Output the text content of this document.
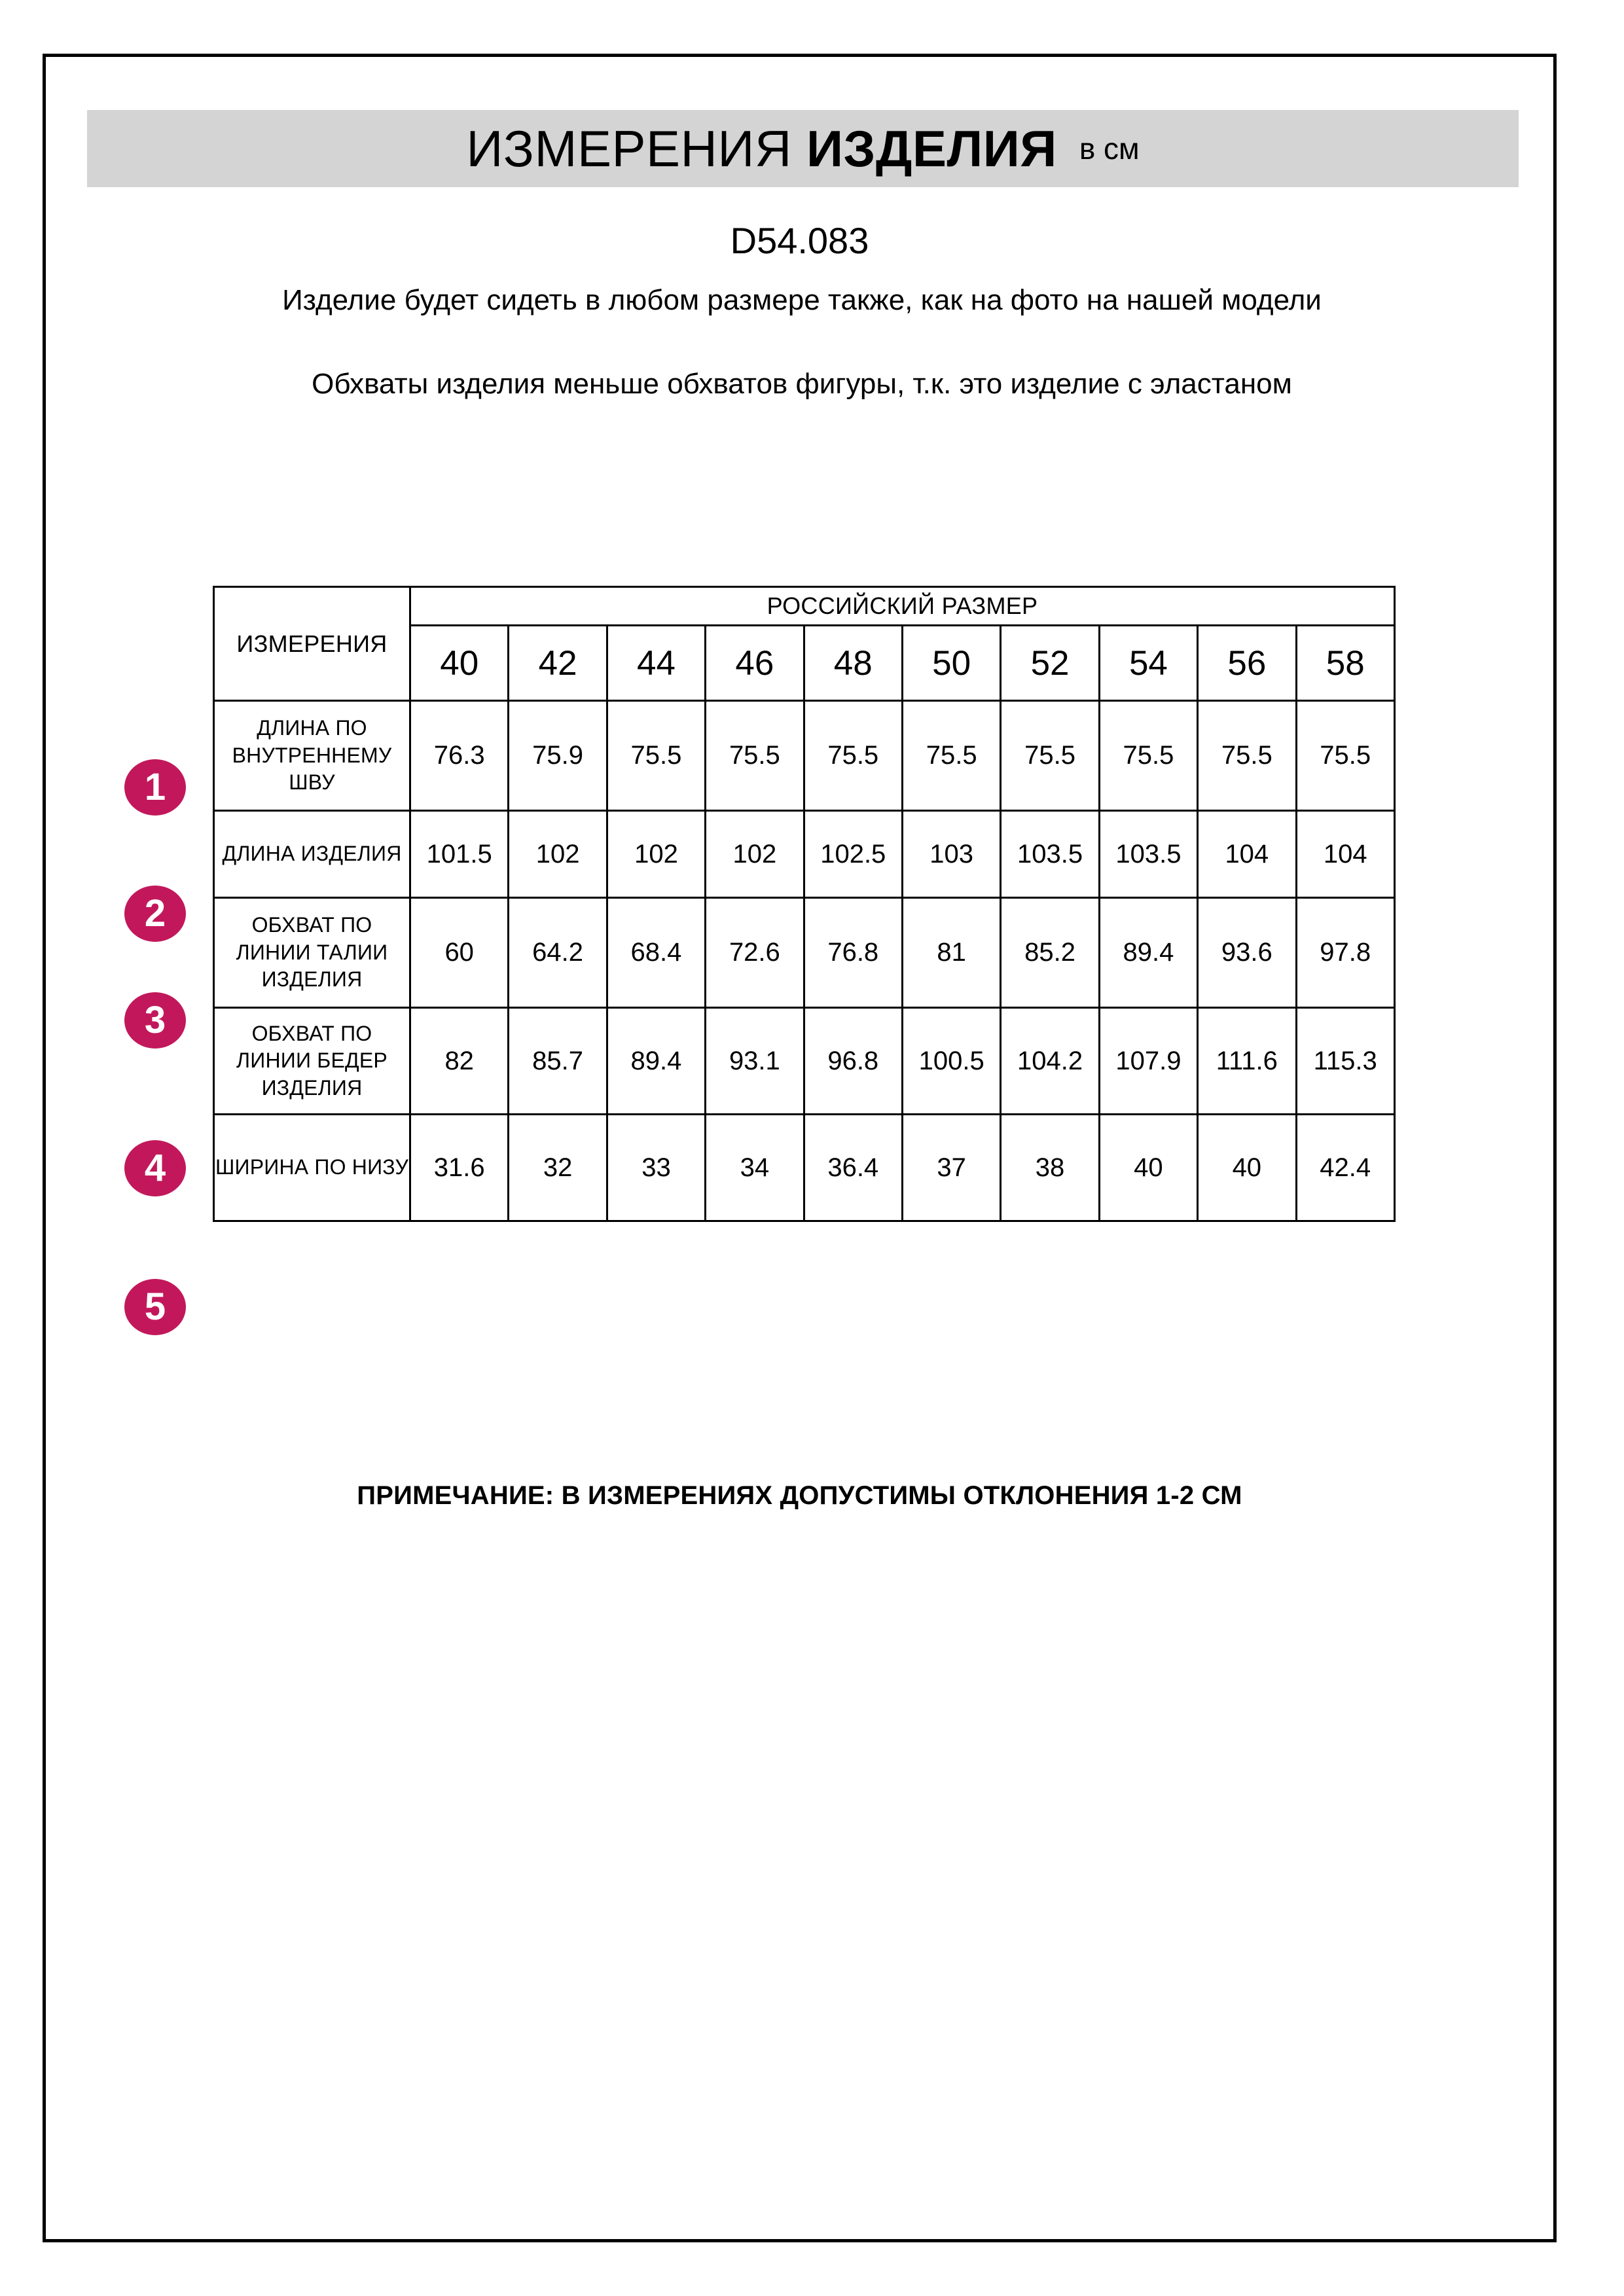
ИЗМЕРЕНИЯ ИЗДЕЛИЯ в см
D54.083
Изделие будет сидеть в любом размере также, как на фото на нашей модели
Обхваты изделия меньше обхватов фигуры, т.к. это изделие с эластаном
1
2
3
4
5
ИЗМЕРЕНИЯ	РОССИЙСКИЙ РАЗМЕР									
	40	42	44	46	48	50	52	54	56	58
ДЛИНА ПО ВНУТРЕННЕМУ ШВУ	76.3	75.9	75.5	75.5	75.5	75.5	75.5	75.5	75.5	75.5
ДЛИНА ИЗДЕЛИЯ	101.5	102	102	102	102.5	103	103.5	103.5	104	104
ОБХВАТ ПО ЛИНИИ ТАЛИИ ИЗДЕЛИЯ	60	64.2	68.4	72.6	76.8	81	85.2	89.4	93.6	97.8
ОБХВАТ ПО ЛИНИИ БЕДЕР ИЗДЕЛИЯ	82	85.7	89.4	93.1	96.8	100.5	104.2	107.9	111.6	115.3
ШИРИНА ПО НИЗУ	31.6	32	33	34	36.4	37	38	40	40	42.4
ПРИМЕЧАНИЕ: В ИЗМЕРЕНИЯХ ДОПУСТИМЫ ОТКЛОНЕНИЯ 1-2 СМ
